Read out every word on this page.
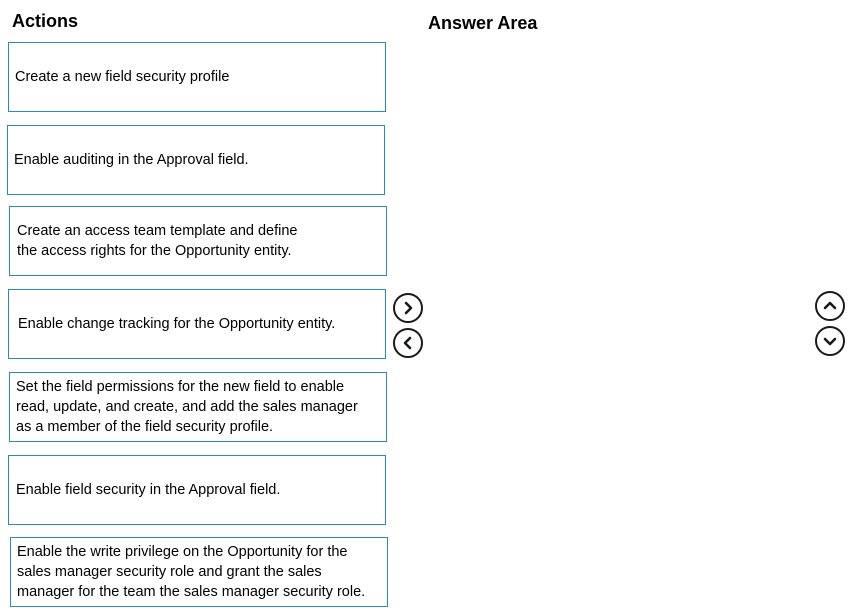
Actions	Answer Area
Create a new field security profile
Enable auditing in the Approval field.
Create an access team template and define
the access rights for the Opportunity entity.
Enable change tracking for the Opportunity entity.
Set the field permissions for the new field to enable
read, update, and create, and add the sales manager
as a member of the field security profile.
Enable field security in the Approval field.
Enable the write privilege on the Opportunity for the
sales manager security role and grant the sales
manager for the team the sales manager security role.
